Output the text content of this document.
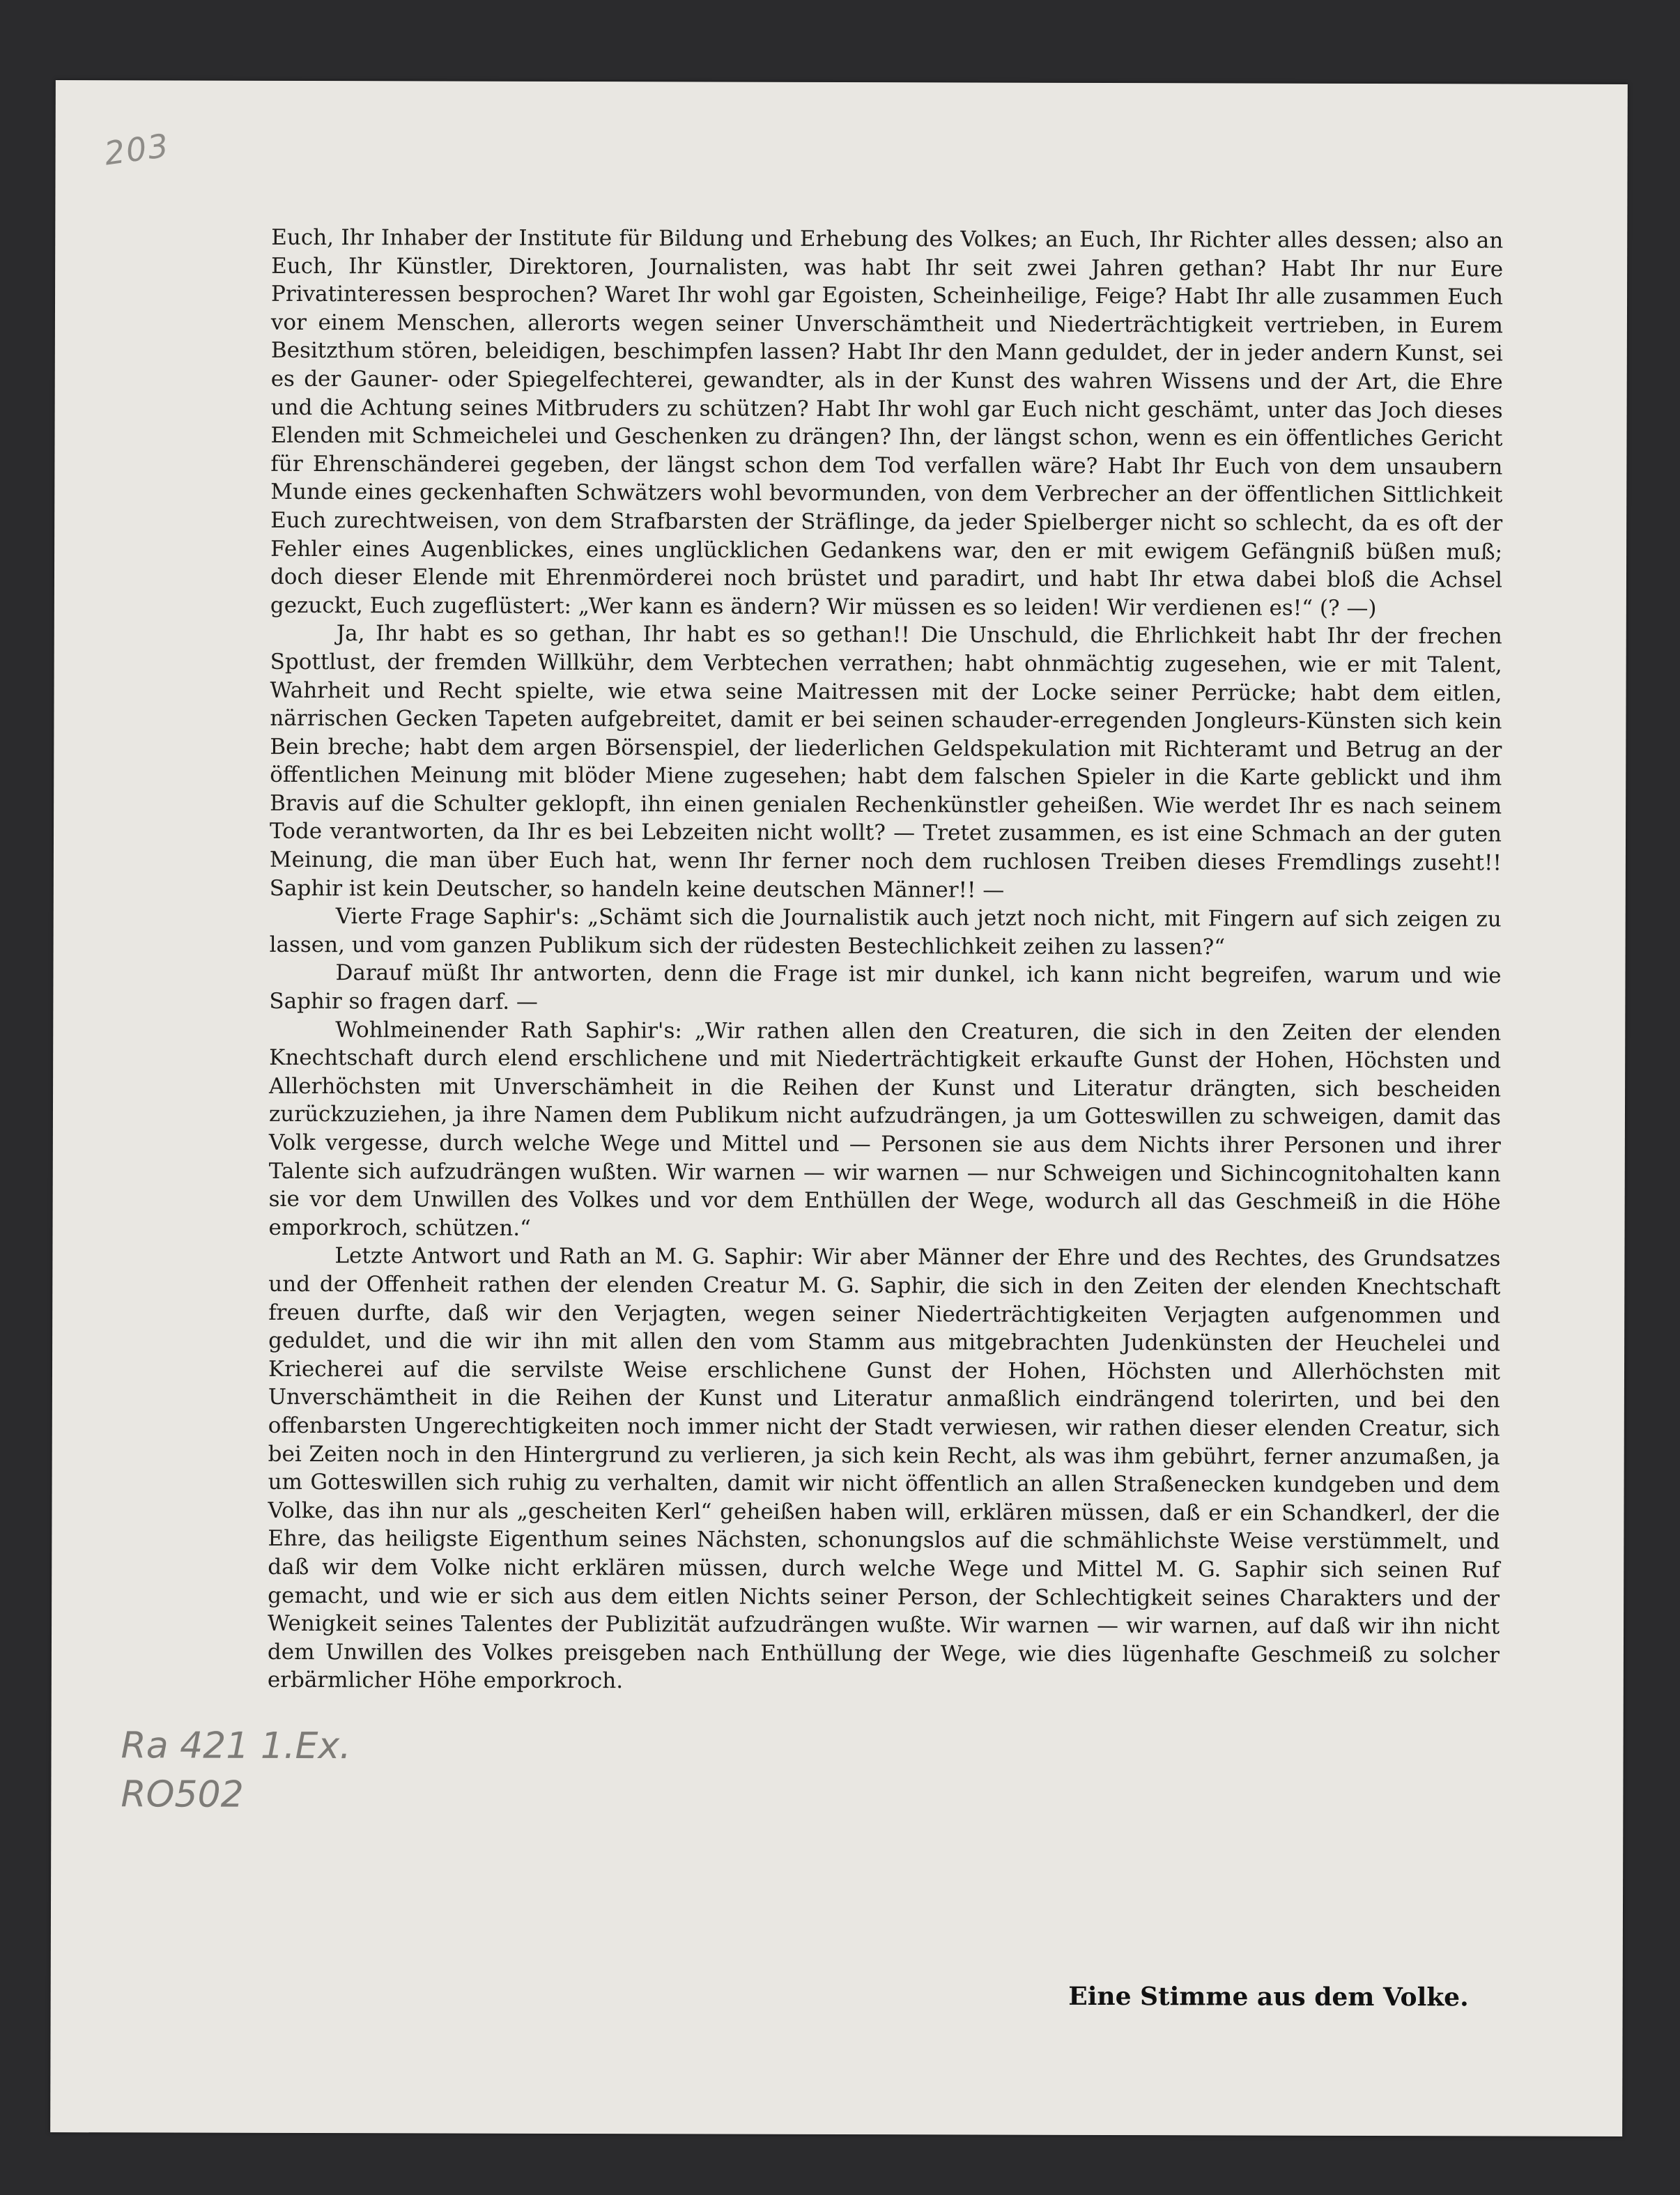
203

Euch, Ihr Inhaber der Institute für Bildung und Erhebung des Volkes; an Euch, Ihr Richter alles dessen; also an Euch, Ihr Künstler, Direktoren, Journalisten, was habt Ihr seit zwei Jahren gethan? Habt Ihr nur Eure Privatinteressen besprochen? Waret Ihr wohl gar Egoisten, Scheinheilige, Feige? Habt Ihr alle zusammen Euch vor einem Menschen, allerorts wegen seiner Unverschämtheit und Niederträchtigkeit vertrieben, in Eurem Besitzthum stören, beleidigen, beschimpfen lassen? Habt Ihr den Mann geduldet, der in jeder andern Kunst, sei es der Gauner- oder Spiegelfechterei, gewandter, als in der Kunst des wahren Wissens und der Art, die Ehre und die Achtung seines Mitbruders zu schützen? Habt Ihr wohl gar Euch nicht geschämt, unter das Joch dieses Elenden mit Schmeichelei und Geschenken zu drängen? Ihn, der längst schon, wenn es ein öffentliches Gericht für Ehrenschänderei gegeben, der längst schon dem Tod verfallen wäre? Habt Ihr Euch von dem unsaubern Munde eines geckenhaften Schwätzers wohl bevormunden, von dem Verbrecher an der öffentlichen Sittlichkeit Euch zurechtweisen, von dem Strafbarsten der Sträflinge, da jeder Spielberger nicht so schlecht, da es oft der Fehler eines Augenblickes, eines unglücklichen Gedankens war, den er mit ewigem Gefängniß büßen muß; doch dieser Elende mit Ehrenmörderei noch brüstet und paradirt, und habt Ihr etwa dabei bloß die Achsel gezuckt, Euch zugeflüstert: „Wer kann es ändern? Wir müssen es so leiden! Wir verdienen es!“ (? —)

Ja, Ihr habt es so gethan, Ihr habt es so gethan!! Die Unschuld, die Ehrlichkeit habt Ihr der frechen Spottlust, der fremden Willkühr, dem Verbtechen verrathen; habt ohnmächtig zugesehen, wie er mit Talent, Wahrheit und Recht spielte, wie etwa seine Maitressen mit der Locke seiner Perrücke; habt dem eitlen, närrischen Gecken Tapeten aufgebreitet, damit er bei seinen schauder-erregenden Jongleurs-Künsten sich kein Bein breche; habt dem argen Börsenspiel, der liederlichen Geldspekulation mit Richteramt und Betrug an der öffentlichen Meinung mit blöder Miene zugesehen; habt dem falschen Spieler in die Karte geblickt und ihm Bravis auf die Schulter geklopft, ihn einen genialen Rechenkünstler geheißen. Wie werdet Ihr es nach seinem Tode verantworten, da Ihr es bei Lebzeiten nicht wollt? — Tretet zusammen, es ist eine Schmach an der guten Meinung, die man über Euch hat, wenn Ihr ferner noch dem ruchlosen Treiben dieses Fremdlings zuseht!! Saphir ist kein Deutscher, so handeln keine deutschen Männer!! —

Vierte Frage Saphir's: „Schämt sich die Journalistik auch jetzt noch nicht, mit Fingern auf sich zeigen zu lassen, und vom ganzen Publikum sich der rüdesten Bestechlichkeit zeihen zu lassen?“

Darauf müßt Ihr antworten, denn die Frage ist mir dunkel, ich kann nicht begreifen, warum und wie Saphir so fragen darf. —

Wohlmeinender Rath Saphir's: „Wir rathen allen den Creaturen, die sich in den Zeiten der elenden Knechtschaft durch elend erschlichene und mit Niederträchtigkeit erkaufte Gunst der Hohen, Höchsten und Allerhöchsten mit Unverschämheit in die Reihen der Kunst und Literatur drängten, sich bescheiden zurückzuziehen, ja ihre Namen dem Publikum nicht aufzudrängen, ja um Gotteswillen zu schweigen, damit das Volk vergesse, durch welche Wege und Mittel und — Personen sie aus dem Nichts ihrer Personen und ihrer Talente sich aufzudrängen wußten. Wir warnen — wir warnen — nur Schweigen und Sichincognitohalten kann sie vor dem Unwillen des Volkes und vor dem Enthüllen der Wege, wodurch all das Geschmeiß in die Höhe emporkroch, schützen.“

Letzte Antwort und Rath an M. G. Saphir: Wir aber Männer der Ehre und des Rechtes, des Grundsatzes und der Offenheit rathen der elenden Creatur M. G. Saphir, die sich in den Zeiten der elenden Knechtschaft freuen durfte, daß wir den Verjagten, wegen seiner Niederträchtigkeiten Verjagten aufgenommen und geduldet, und die wir ihn mit allen den vom Stamm aus mitgebrachten Judenkünsten der Heuchelei und Kriecherei auf die servilste Weise erschlichene Gunst der Hohen, Höchsten und Allerhöchsten mit Unverschämtheit in die Reihen der Kunst und Literatur anmaßlich eindrängend tolerirten, und bei den offenbarsten Ungerechtigkeiten noch immer nicht der Stadt verwiesen, wir rathen dieser elenden Creatur, sich bei Zeiten noch in den Hintergrund zu verlieren, ja sich kein Recht, als was ihm gebührt, ferner anzumaßen, ja um Gotteswillen sich ruhig zu verhalten, damit wir nicht öffentlich an allen Straßenecken kundgeben und dem Volke, das ihn nur als „gescheiten Kerl“ geheißen haben will, erklären müssen, daß er ein Schandkerl, der die Ehre, das heiligste Eigenthum seines Nächsten, schonungslos auf die schmählichste Weise verstümmelt, und daß wir dem Volke nicht erklären müssen, durch welche Wege und Mittel M. G. Saphir sich seinen Ruf gemacht, und wie er sich aus dem eitlen Nichts seiner Person, der Schlechtigkeit seines Charakters und der Wenigkeit seines Talentes der Publizität aufzudrängen wußte. Wir warnen — wir warnen, auf daß wir ihn nicht dem Unwillen des Volkes preisgeben nach Enthüllung der Wege, wie dies lügenhafte Geschmeiß zu solcher erbärmlicher Höhe emporkroch.

Eine Stimme aus dem Volke.
Ra 421 1.Ex.
RO502
